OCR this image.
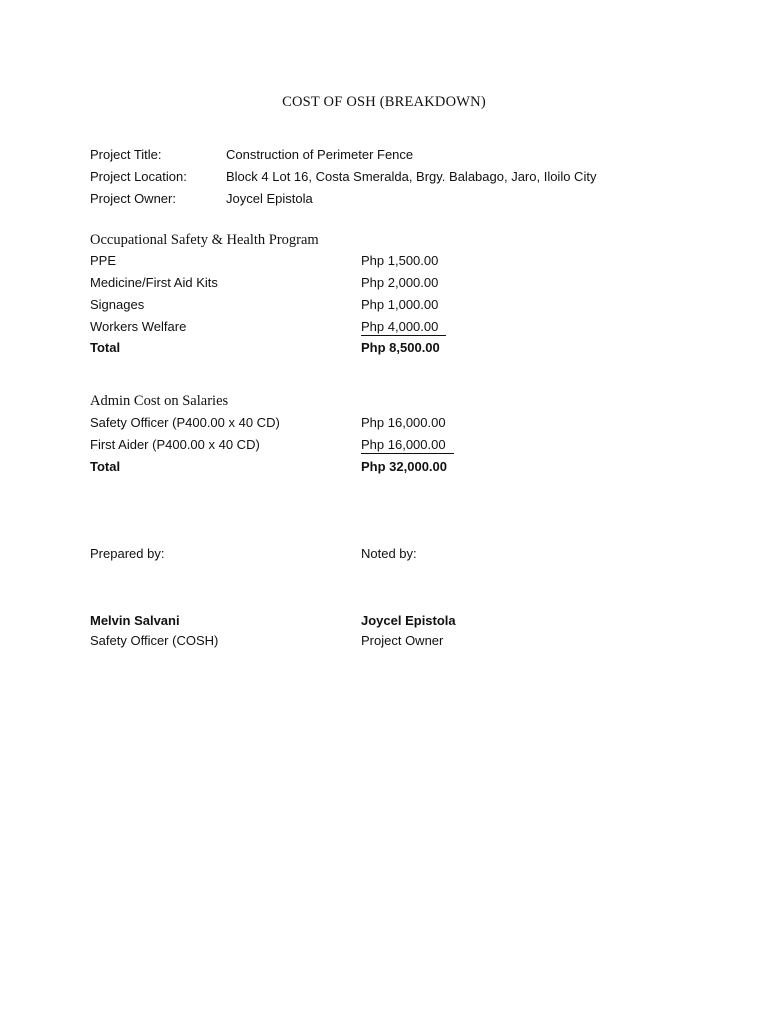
COST OF OSH (BREAKDOWN)
Project Title:	Construction of Perimeter Fence
Project Location:	Block 4 Lot 16, Costa Smeralda, Brgy. Balabago, Jaro, Iloilo City
Project Owner:	Joycel Epistola
Occupational Safety & Health Program
PPE	Php 1,500.00
Medicine/First Aid Kits	Php 2,000.00
Signages	Php 1,000.00
Workers Welfare	Php 4,000.00
Total	Php 8,500.00
Admin Cost on Salaries
Safety Officer (P400.00 x 40 CD)	Php 16,000.00
First Aider (P400.00 x 40 CD)	Php 16,000.00
Total	Php 32,000.00
Prepared by:	Noted by:
Melvin Salvani	Joycel Epistola
Safety Officer (COSH)	Project Owner
